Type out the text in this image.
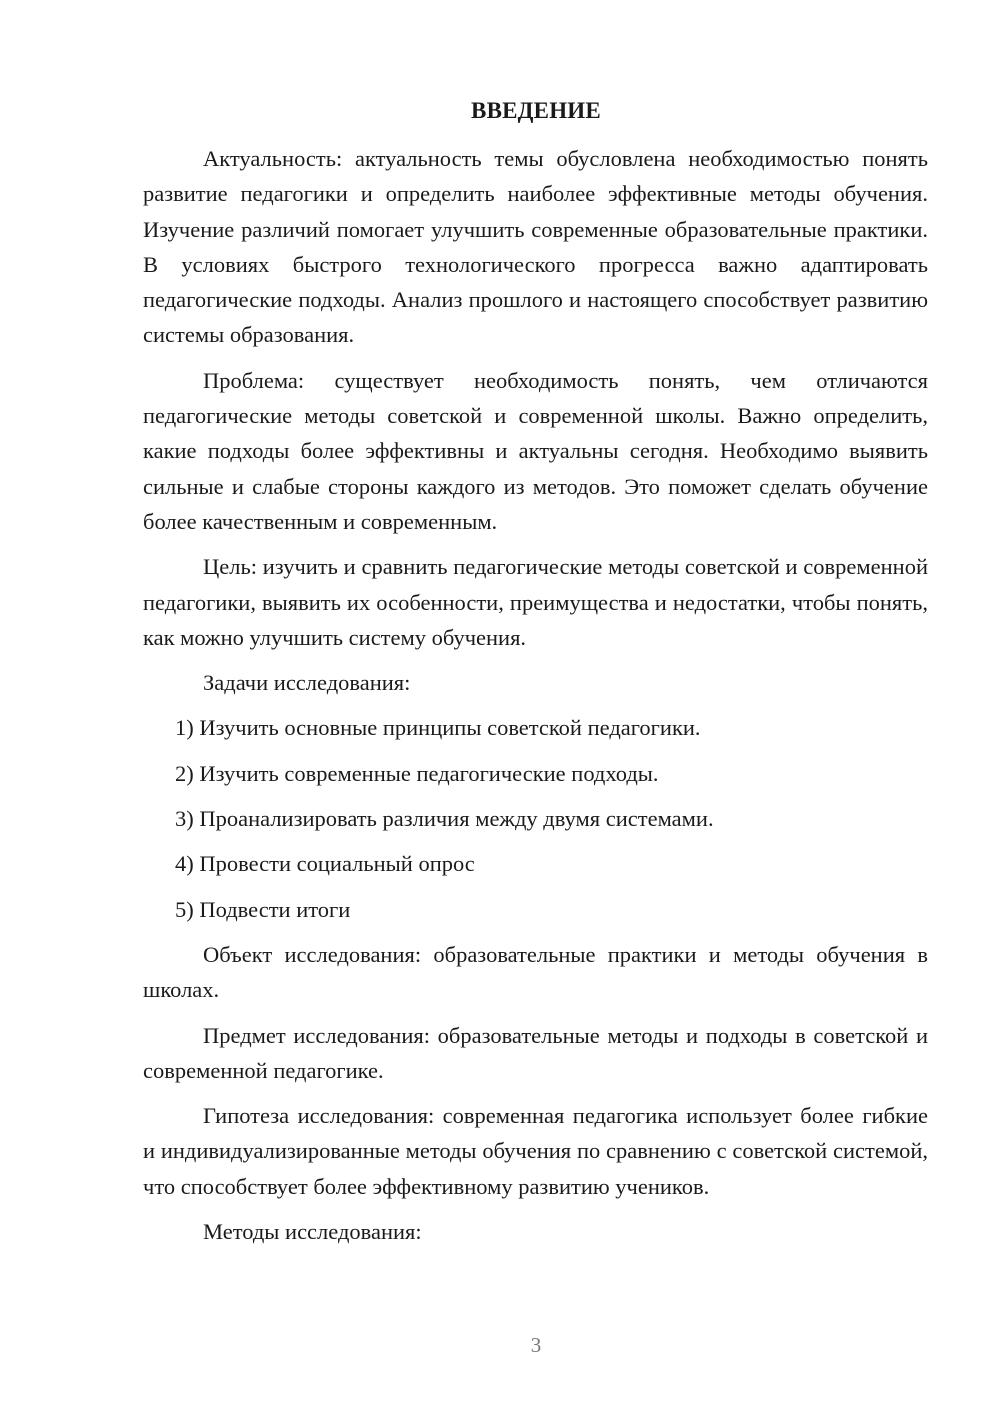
ВВЕДЕНИЕ

Актуальность: актуальность темы обусловлена необходимостью понять развитие педагогики и определить наиболее эффективные методы обучения. Изучение различий помогает улучшить современные образовательные практики. В условиях быстрого технологического прогресса важно адаптировать педагогические подходы. Анализ прошлого и настоящего способствует развитию системы образования.

Проблема: существует необходимость понять, чем отличаются педагогические методы советской и современной школы. Важно определить, какие подходы более эффективны и актуальны сегодня. Необходимо выявить сильные и слабые стороны каждого из методов. Это поможет сделать обучение более качественным и современным.

Цель: изучить и сравнить педагогические методы советской и современной педагогики, выявить их особенности, преимущества и недостатки, чтобы понять, как можно улучшить систему обучения.

Задачи исследования:

1) Изучить основные принципы советской педагогики.

2) Изучить современные педагогические подходы.

3) Проанализировать различия между двумя системами.

4) Провести социальный опрос

5) Подвести итоги

Объект исследования: образовательные практики и методы обучения в школах.

Предмет исследования: образовательные методы и подходы в советской и современной педагогике.

Гипотеза исследования: современная педагогика использует более гибкие и индивидуализированные методы обучения по сравнению с советской системой, что способствует более эффективному развитию учеников.

Методы исследования:

3
